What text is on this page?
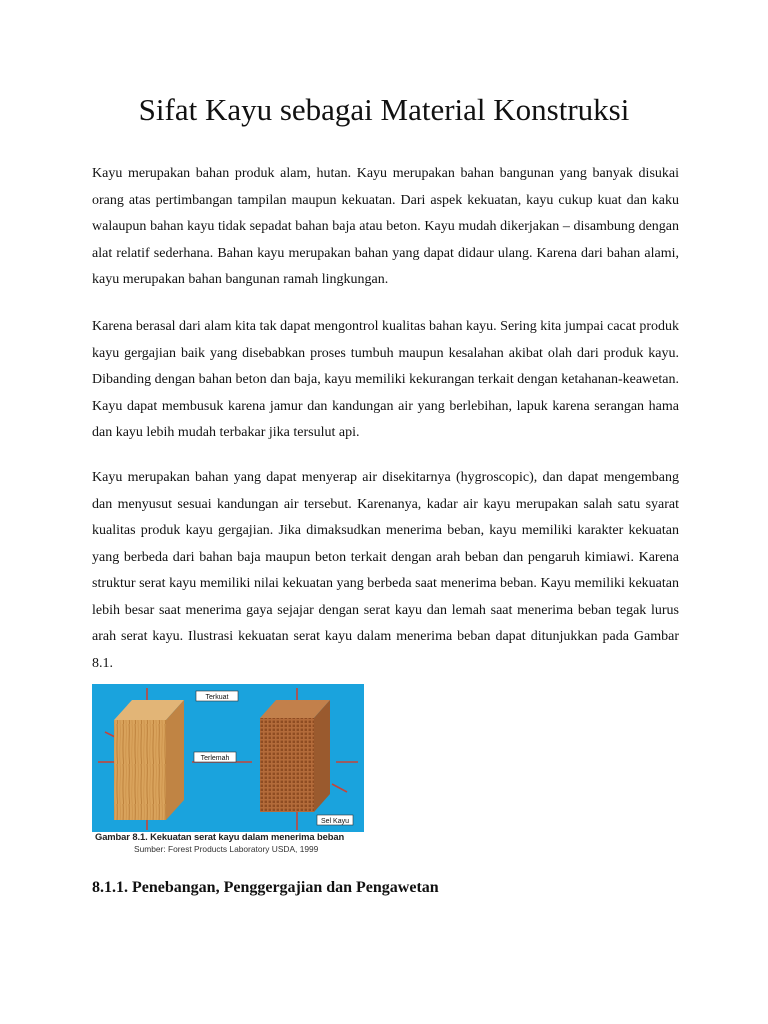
Sifat Kayu sebagai Material Konstruksi

Kayu merupakan bahan produk alam, hutan. Kayu merupakan bahan bangunan yang banyak disukai orang atas pertimbangan tampilan maupun kekuatan. Dari aspek kekuatan, kayu cukup kuat dan kaku walaupun bahan kayu tidak sepadat bahan baja atau beton. Kayu mudah dikerjakan – disambung dengan alat relatif sederhana. Bahan kayu merupakan bahan yang dapat didaur ulang. Karena dari bahan alami, kayu merupakan bahan bangunan ramah lingkungan.

Karena berasal dari alam kita tak dapat mengontrol kualitas bahan kayu. Sering kita jumpai cacat produk kayu gergajian baik yang disebabkan proses tumbuh maupun kesalahan akibat olah dari produk kayu. Dibanding dengan bahan beton dan baja, kayu memiliki kekurangan terkait dengan ketahanan-keawetan. Kayu dapat membusuk karena jamur dan kandungan air yang berlebihan, lapuk karena serangan hama dan kayu lebih mudah terbakar jika tersulut api.

Kayu merupakan bahan yang dapat menyerap air disekitarnya (hygroscopic), dan dapat mengembang dan menyusut sesuai kandungan air tersebut. Karenanya, kadar air kayu merupakan salah satu syarat kualitas produk kayu gergajian. Jika dimaksudkan menerima beban, kayu memiliki karakter kekuatan yang berbeda dari bahan baja maupun beton terkait dengan arah beban dan pengaruh kimiawi. Karena struktur serat kayu memiliki nilai kekuatan yang berbeda saat menerima beban. Kayu memiliki kekuatan lebih besar saat menerima gaya sejajar dengan serat kayu dan lemah saat menerima beban tegak lurus arah serat kayu. Ilustrasi kekuatan serat kayu dalam menerima beban dapat ditunjukkan pada Gambar 8.1.

Terkuat
Terlemah
Sel Kayu
Gambar 8.1. Kekuatan serat kayu dalam menerima beban
Sumber: Forest Products Laboratory USDA, 1999
8.1.1. Penebangan, Penggergajian dan Pengawetan
